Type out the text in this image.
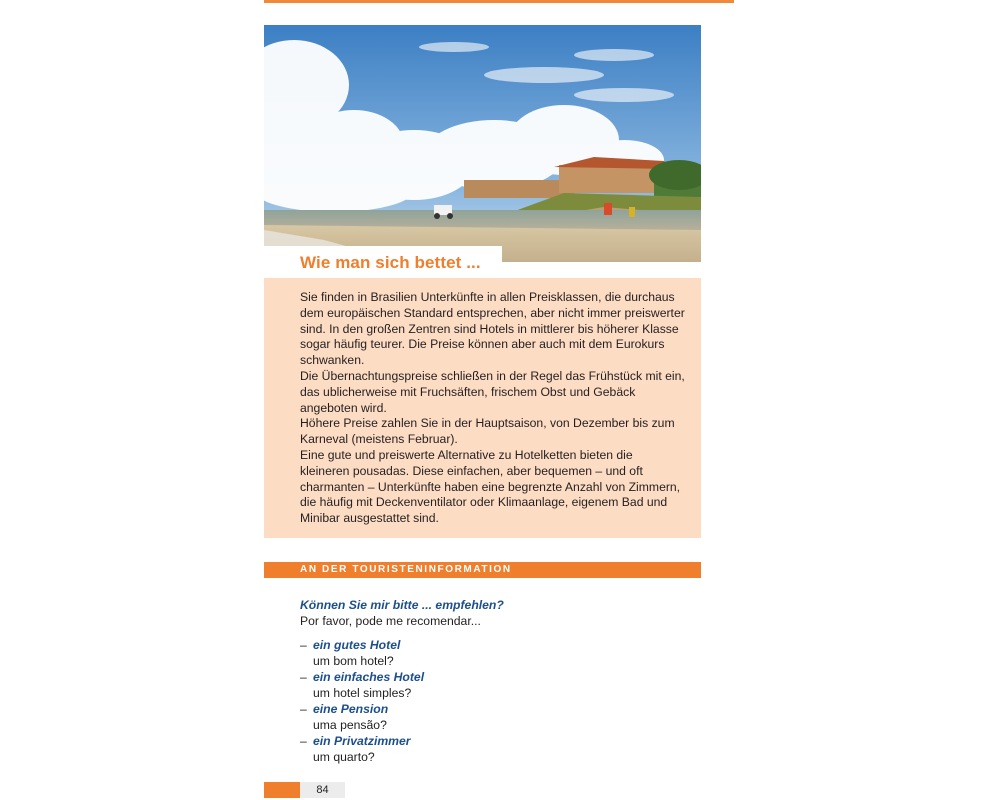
Wie man sich bettet ...

Sie finden in Brasilien Unterkünfte in allen Preisklassen, die durchaus dem europäischen Standard entsprechen, aber nicht immer preiswerter sind. In den großen Zentren sind Hotels in mittlerer bis höherer Klasse sogar häufig teurer. Die Preise können aber auch mit dem Eurokurs schwanken.

Die Übernachtungspreise schließen in der Regel das Frühstück mit ein, das ublicherweise mit Fruchsäften, frischem Obst und Gebäck angeboten wird.

Höhere Preise zahlen Sie in der Hauptsaison, von Dezember bis zum Karneval (meistens Februar).

Eine gute und preiswerte Alternative zu Hotelketten bieten die kleineren pousadas. Diese einfachen, aber bequemen – und oft charmanten – Unterkünfte haben eine begrenzte Anzahl von Zimmern, die häufig mit Deckenventilator oder Klimaanlage, eigenem Bad und Minibar ausgestattet sind.

AN DER TOURISTENINFORMATION
Können Sie mir bitte ... empfehlen?
Por favor, pode me recomendar...
– ein gutes Hotel
um bom hotel?
– ein einfaches Hotel
um hotel simples?
– eine Pension
uma pensão?
– ein Privatzimmer
um quarto?
84
